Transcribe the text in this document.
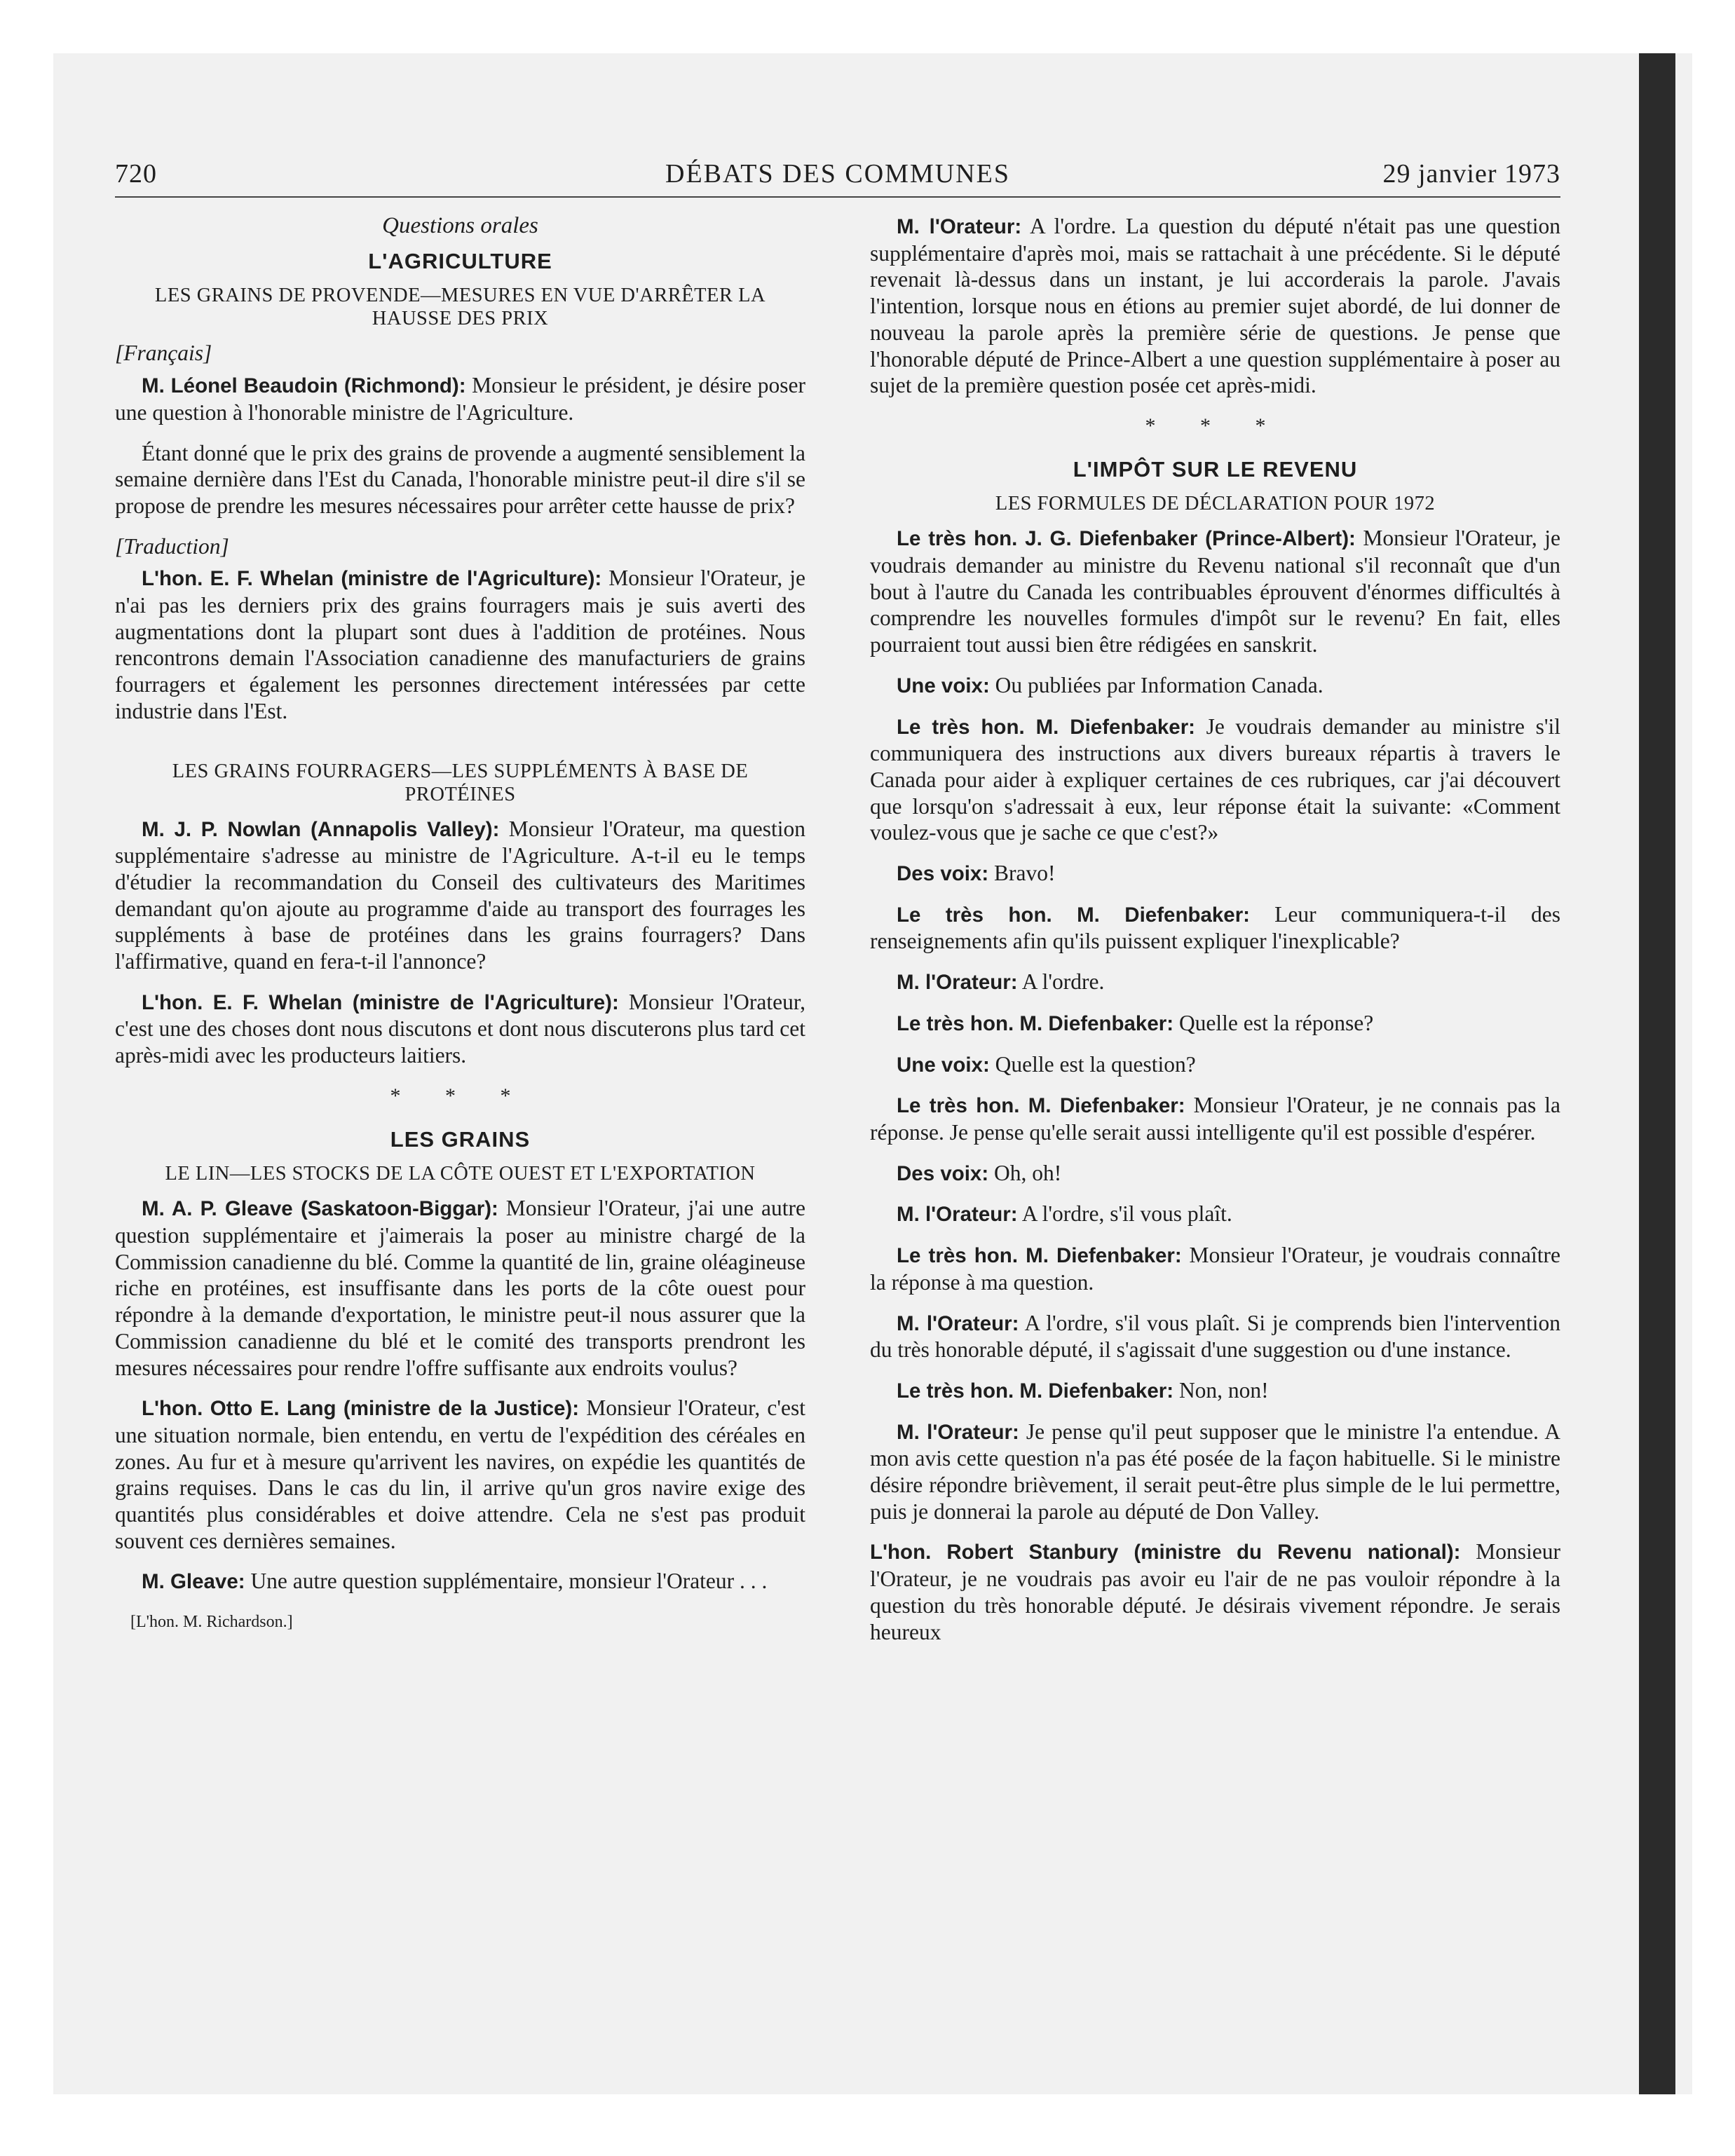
720	DÉBATS DES COMMUNES	29 janvier 1973
Questions orales
L'AGRICULTURE
LES GRAINS DE PROVENDE—MESURES EN VUE D'ARRÊTER LA HAUSSE DES PRIX

[Français]

M. Léonel Beaudoin (Richmond): Monsieur le président, je désire poser une question à l'honorable ministre de l'Agriculture.

Étant donné que le prix des grains de provende a augmenté sensiblement la semaine dernière dans l'Est du Canada, l'honorable ministre peut-il dire s'il se propose de prendre les mesures nécessaires pour arrêter cette hausse de prix?

[Traduction]

L'hon. E. F. Whelan (ministre de l'Agriculture): Monsieur l'Orateur, je n'ai pas les derniers prix des grains fourragers mais je suis averti des augmentations dont la plupart sont dues à l'addition de protéines. Nous rencontrons demain l'Association canadienne des manufacturiers de grains fourragers et également les personnes directement intéressées par cette industrie dans l'Est.

LES GRAINS FOURRAGERS—LES SUPPLÉMENTS À BASE DE PROTÉINES

M. J. P. Nowlan (Annapolis Valley): Monsieur l'Orateur, ma question supplémentaire s'adresse au ministre de l'Agriculture. A-t-il eu le temps d'étudier la recommandation du Conseil des cultivateurs des Maritimes demandant qu'on ajoute au programme d'aide au transport des fourrages les suppléments à base de protéines dans les grains fourragers? Dans l'affirmative, quand en fera-t-il l'annonce?

L'hon. E. F. Whelan (ministre de l'Agriculture): Monsieur l'Orateur, c'est une des choses dont nous discutons et dont nous discuterons plus tard cet après-midi avec les producteurs laitiers.

* * *
LES GRAINS
LE LIN—LES STOCKS DE LA CÔTE OUEST ET L'EXPORTATION

M. A. P. Gleave (Saskatoon-Biggar): Monsieur l'Orateur, j'ai une autre question supplémentaire et j'aimerais la poser au ministre chargé de la Commission canadienne du blé. Comme la quantité de lin, graine oléagineuse riche en protéines, est insuffisante dans les ports de la côte ouest pour répondre à la demande d'exportation, le ministre peut-il nous assurer que la Commission canadienne du blé et le comité des transports prendront les mesures nécessaires pour rendre l'offre suffisante aux endroits voulus?

L'hon. Otto E. Lang (ministre de la Justice): Monsieur l'Orateur, c'est une situation normale, bien entendu, en vertu de l'expédition des céréales en zones. Au fur et à mesure qu'arrivent les navires, on expédie les quantités de grains requises. Dans le cas du lin, il arrive qu'un gros navire exige des quantités plus considérables et doive attendre. Cela ne s'est pas produit souvent ces dernières semaines.

M. Gleave: Une autre question supplémentaire, monsieur l'Orateur . . .

[L'hon. M. Richardson.]

M. l'Orateur: A l'ordre. La question du député n'était pas une question supplémentaire d'après moi, mais se rattachait à une précédente. Si le député revenait là-dessus dans un instant, je lui accorderais la parole. J'avais l'intention, lorsque nous en étions au premier sujet abordé, de lui donner de nouveau la parole après la première série de questions. Je pense que l'honorable député de Prince-Albert a une question supplémentaire à poser au sujet de la première question posée cet après-midi.

* * *
L'IMPÔT SUR LE REVENU
LES FORMULES DE DÉCLARATION POUR 1972

Le très hon. J. G. Diefenbaker (Prince-Albert): Monsieur l'Orateur, je voudrais demander au ministre du Revenu national s'il reconnaît que d'un bout à l'autre du Canada les contribuables éprouvent d'énormes difficultés à comprendre les nouvelles formules d'impôt sur le revenu? En fait, elles pourraient tout aussi bien être rédigées en sanskrit.

Une voix: Ou publiées par Information Canada.

Le très hon. M. Diefenbaker: Je voudrais demander au ministre s'il communiquera des instructions aux divers bureaux répartis à travers le Canada pour aider à expliquer certaines de ces rubriques, car j'ai découvert que lorsqu'on s'adressait à eux, leur réponse était la suivante: «Comment voulez-vous que je sache ce que c'est?»

Des voix: Bravo!

Le très hon. M. Diefenbaker: Leur communiquera-t-il des renseignements afin qu'ils puissent expliquer l'inexplicable?

M. l'Orateur: A l'ordre.

Le très hon. M. Diefenbaker: Quelle est la réponse?

Une voix: Quelle est la question?

Le très hon. M. Diefenbaker: Monsieur l'Orateur, je ne connais pas la réponse. Je pense qu'elle serait aussi intelligente qu'il est possible d'espérer.

Des voix: Oh, oh!

M. l'Orateur: A l'ordre, s'il vous plaît.

Le très hon. M. Diefenbaker: Monsieur l'Orateur, je voudrais connaître la réponse à ma question.

M. l'Orateur: A l'ordre, s'il vous plaît. Si je comprends bien l'intervention du très honorable député, il s'agissait d'une suggestion ou d'une instance.

Le très hon. M. Diefenbaker: Non, non!

M. l'Orateur: Je pense qu'il peut supposer que le ministre l'a entendue. A mon avis cette question n'a pas été posée de la façon habituelle. Si le ministre désire répondre brièvement, il serait peut-être plus simple de le lui permettre, puis je donnerai la parole au député de Don Valley.

L'hon. Robert Stanbury (ministre du Revenu national): Monsieur l'Orateur, je ne voudrais pas avoir eu l'air de ne pas vouloir répondre à la question du très honorable député. Je désirais vivement répondre. Je serais heureux
